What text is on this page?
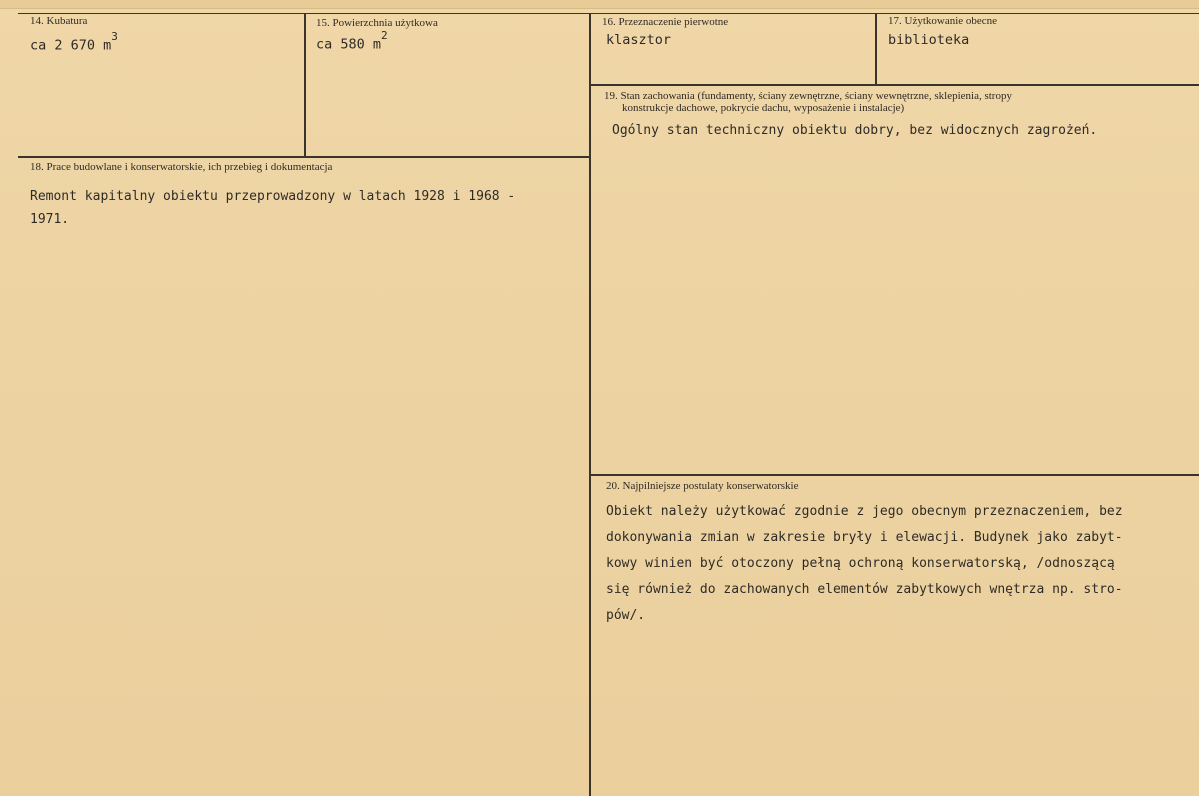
14. Kubatura
ca 2 670 $m^3$
15. Powierzchnia użytkowa
ca 580 $m^2$
16. Przeznaczenie pierwotne
klasztor
17. Użytkowanie obecne
biblioteka
18. Prace budowlane i konserwatorskie, ich przebieg i dokumentacja
Remont kapitalny obiektu przeprowadzony w latach 1928 i 1968 -
1971.
19. Stan zachowania (fundamenty, ściany zewnętrzne, ściany wewnętrzne, sklepienia, stropy
konstrukcje dachowe, pokrycie dachu, wyposażenie i instalacje)
Ogólny stan techniczny obiektu dobry, bez widocznych zagrożeń.
20. Najpilniejsze postulaty konserwatorskie
Obiekt należy użytkować zgodnie z jego obecnym przeznaczeniem, bez
dokonywania zmian w zakresie bryły i elewacji. Budynek jako zabyt-
kowy winien być otoczony pełną ochroną konserwatorską, /odnoszącą
się również do zachowanych elementów zabytkowych wnętrza np. stro-
pów/.
